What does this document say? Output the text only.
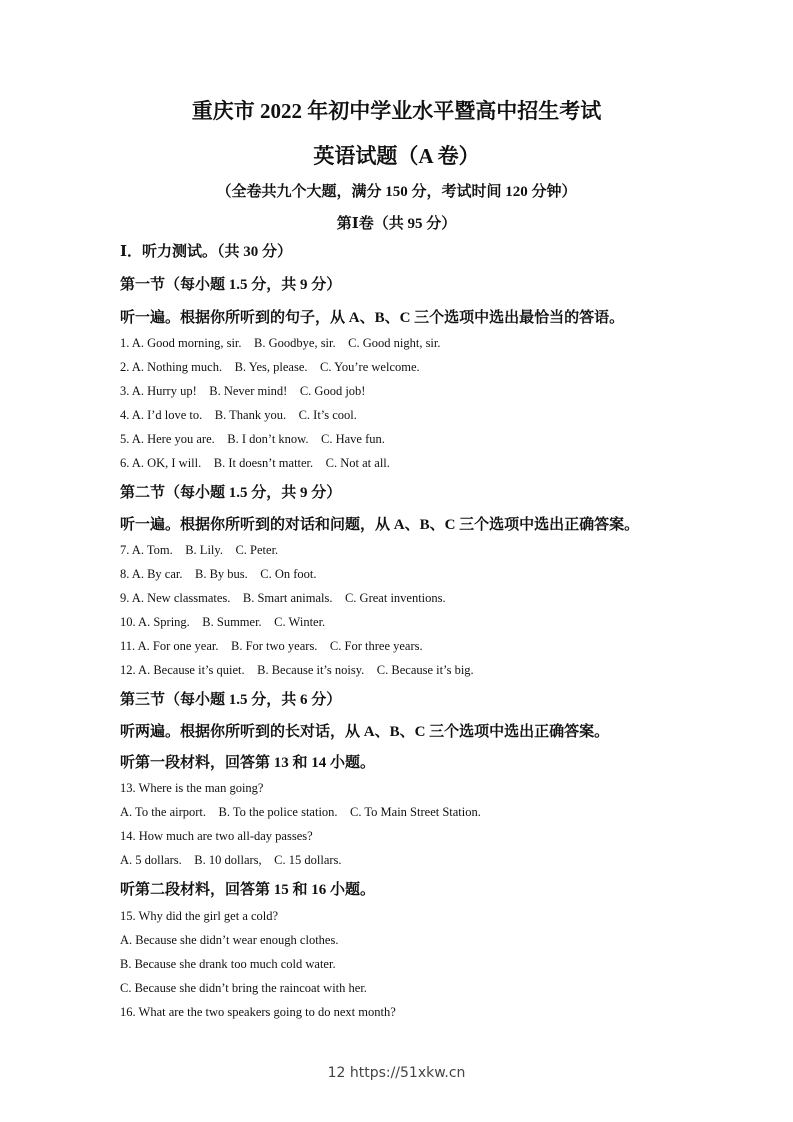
重庆市 2022 年初中学业水平暨高中招生考试
英语试题（A 卷）
（全卷共九个大题，满分 150 分，考试时间 120 分钟）
第Ⅰ卷（共 95 分）
Ⅰ．听力测试。（共 30 分）
第一节（每小题 1.5 分，共 9 分）
听一遍。根据你所听到的句子，从 A、B、C 三个选项中选出最恰当的答语。
1. A. Good morning, sir.    B. Goodbye, sir.    C. Good night, sir.
2. A. Nothing much.    B. Yes, please.    C. You’re welcome.
3. A. Hurry up!    B. Never mind!    C. Good job!
4. A. I’d love to.    B. Thank you.    C. It’s cool.
5. A. Here you are.    B. I don’t know.    C. Have fun.
6. A. OK, I will.    B. It doesn’t matter.    C. Not at all.
第二节（每小题 1.5 分，共 9 分）
听一遍。根据你所听到的对话和问题，从 A、B、C 三个选项中选出正确答案。
7. A. Tom.    B. Lily.    C. Peter.
8. A. By car.    B. By bus.    C. On foot.
9. A. New classmates.    B. Smart animals.    C. Great inventions.
10. A. Spring.    B. Summer.    C. Winter.
11. A. For one year.    B. For two years.    C. For three years.
12. A. Because it’s quiet.    B. Because it’s noisy.    C. Because it’s big.
第三节（每小题 1.5 分，共 6 分）
听两遍。根据你所听到的长对话，从 A、B、C 三个选项中选出正确答案。
听第一段材料，回答第 13 和 14 小题。
13. Where is the man going?
A. To the airport.    B. To the police station.    C. To Main Street Station.
14. How much are two all-day passes?
A. 5 dollars.    B. 10 dollars,    C. 15 dollars.
听第二段材料，回答第 15 和 16 小题。
15. Why did the girl get a cold?
A. Because she didn’t wear enough clothes.
B. Because she drank too much cold water.
C. Because she didn’t bring the raincoat with her.
16. What are the two speakers going to do next month?
12 https://51xkw.cn
